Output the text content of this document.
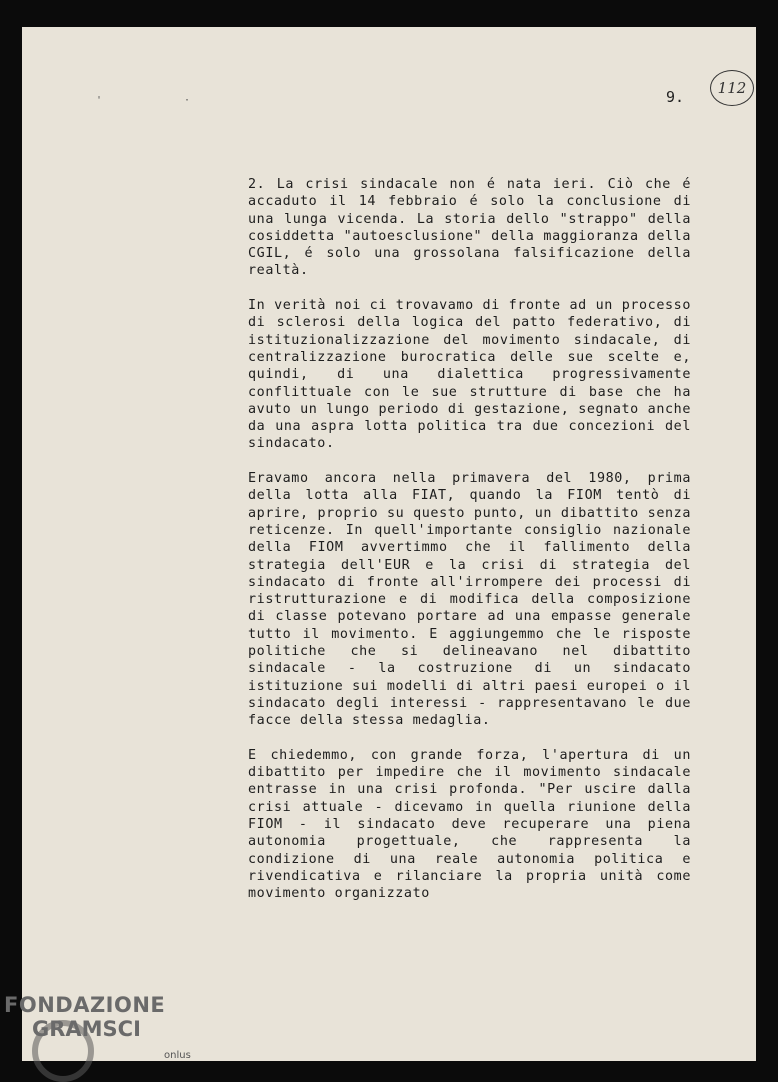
' ·	9.	112

2. La crisi sindacale non é nata ieri. Ciò che é accaduto il 14 febbraio é solo la conclusione di una lunga vicenda. La storia dello "strappo" della cosiddetta "autoesclusione" della maggioranza della CGIL, é solo una grossolana falsificazione della realtà.

In verità noi ci trovavamo di fronte ad un processo di sclerosi della logica del patto federativo, di istituzionalizzazione del movimento sindacale, di centralizzazione burocratica delle sue scelte e, quindi, di una dialettica progressivamente conflittuale con le sue strutture di base che ha avuto un lungo periodo di gestazione, segnato anche da una aspra lotta politica tra due concezioni del sindacato.

Eravamo ancora nella primavera del 1980, prima della lotta alla FIAT, quando la FIOM tentò di aprire, proprio su questo punto, un dibattito senza reticenze. In quell'importante consiglio nazionale della FIOM avvertimmo che il fallimento della strategia dell'EUR e la crisi di strategia del sindacato di fronte all'irrompere dei processi di ristrutturazione e di modifica della composizione di classe potevano portare ad una empasse generale tutto il movimento. E aggiungemmo che le risposte politiche che si delineavano nel dibattito sindacale - la costruzione di un sindacato istituzione sui modelli di altri paesi europei o il sindacato degli interessi - rappresentavano le due facce della stessa medaglia.

E chiedemmo, con grande forza, l'apertura di un dibattito per impedire che il movimento sindacale entrasse in una crisi profonda. "Per uscire dalla crisi attuale - dicevamo in quella riunione della FIOM - il sindacato deve recuperare una piena autonomia progettuale, che rappresenta la condizione di una reale autonomia politica e rivendicativa e rilanciare la propria unità come movimento organizzato

FONDAZIONE
GRAMSCI
onlus
